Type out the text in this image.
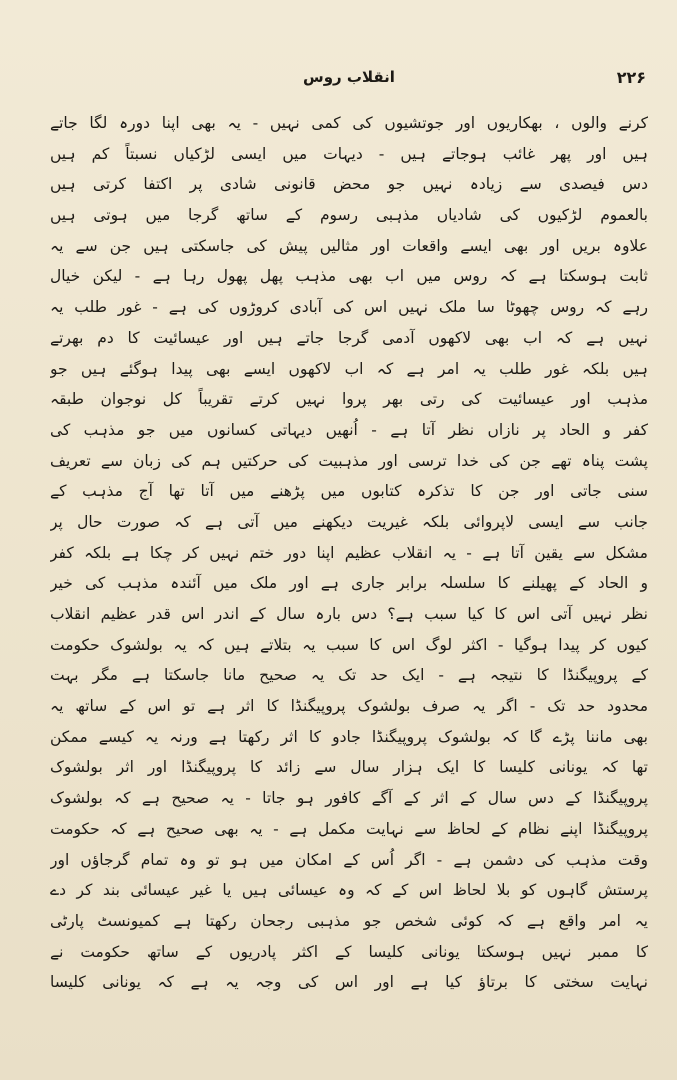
انقلاب روس	۲۲۶
کرنے والوں ، بھکاریوں اور جوتشیوں کی کمی نہیں - یہ بھی اپنا دورہ لگا جاتے
ہیں اور پھر غائب ہوجاتے ہیں - دیہات میں ایسی لڑکیاں نسبتاً کم ہیں
دس فیصدی سے زیادہ نہیں جو محض قانونی شادی پر اکتفا کرتی ہیں
بالعموم لڑکیوں کی شادیاں مذہبی رسوم کے ساتھ گرجا میں ہوتی ہیں
علاوہ بریں اور بھی ایسے واقعات اور مثالیں پیش کی جاسکتی ہیں جن سے یہ
ثابت ہوسکتا ہے کہ روس میں اب بھی مذہب پھل پھول رہا ہے - لیکن خیال
رہے کہ روس چھوٹا سا ملک نہیں اس کی آبادی کروڑوں کی ہے - غور طلب یہ
نہیں ہے کہ اب بھی لاکھوں آدمی گرجا جاتے ہیں اور عیسائیت کا دم بھرتے
ہیں بلکہ غور طلب یہ امر ہے کہ اب لاکھوں ایسے بھی پیدا ہوگئے ہیں جو
مذہب اور عیسائیت کی رتی بھر پروا نہیں کرتے تقریباً کل نوجوان طبقہ
کفر و الحاد پر نازاں نظر آتا ہے - اُنھیں دیہاتی کسانوں میں جو مذہب کی
پشت پناہ تھے جن کی خدا ترسی اور مذہبیت کی حرکتیں ہم کی زبان سے تعریف
سنی جاتی اور جن کا تذکرہ کتابوں میں پڑھنے میں آتا تھا آج مذہب کے
جانب سے ایسی لاپروائی بلکہ غیریت دیکھنے میں آتی ہے کہ صورت حال پر
مشکل سے یقین آتا ہے - یہ انقلاب عظیم اپنا دور ختم نہیں کر چکا ہے بلکہ کفر
و الحاد کے پھیلنے کا سلسلہ برابر جاری ہے اور ملک میں آئندہ مذہب کی خیر
نظر نہیں آتی اس کا کیا سبب ہے؟ دس بارہ سال کے اندر اس قدر عظیم انقلاب
کیوں کر پیدا ہوگیا - اکثر لوگ اس کا سبب یہ بتلاتے ہیں کہ یہ بولشوک حکومت
کے پروپیگنڈا کا نتیجہ ہے - ایک حد تک یہ صحیح مانا جاسکتا ہے مگر بہت
محدود حد تک - اگر یہ صرف بولشوک پروپیگنڈا کا اثر ہے تو اس کے ساتھ یہ
بھی ماننا پڑے گا کہ بولشوک پروپیگنڈا جادو کا اثر رکھتا ہے ورنہ یہ کیسے ممکن
تھا کہ یونانی کلیسا کا ایک ہزار سال سے زائد کا پروپیگنڈا اور اثر بولشوک
پروپیگنڈا کے دس سال کے اثر کے آگے کافور ہو جاتا - یہ صحیح ہے کہ بولشوک
پروپیگنڈا اپنے نظام کے لحاظ سے نہایت مکمل ہے - یہ بھی صحیح ہے کہ حکومت
وقت مذہب کی دشمن ہے - اگر اُس کے امکان میں ہو تو وہ تمام گرجاؤں اور
پرستش گاہوں کو بلا لحاظ اس کے کہ وہ عیسائی ہیں یا غیر عیسائی بند کر دے
یہ امر واقع ہے کہ کوئی شخص جو مذہبی رجحان رکھتا ہے کمیونسٹ پارٹی
کا ممبر نہیں ہوسکتا یونانی کلیسا کے اکثر پادریوں کے ساتھ حکومت نے
نہایت سختی کا برتاؤ کیا ہے اور اس کی وجہ یہ ہے کہ یونانی کلیسا
